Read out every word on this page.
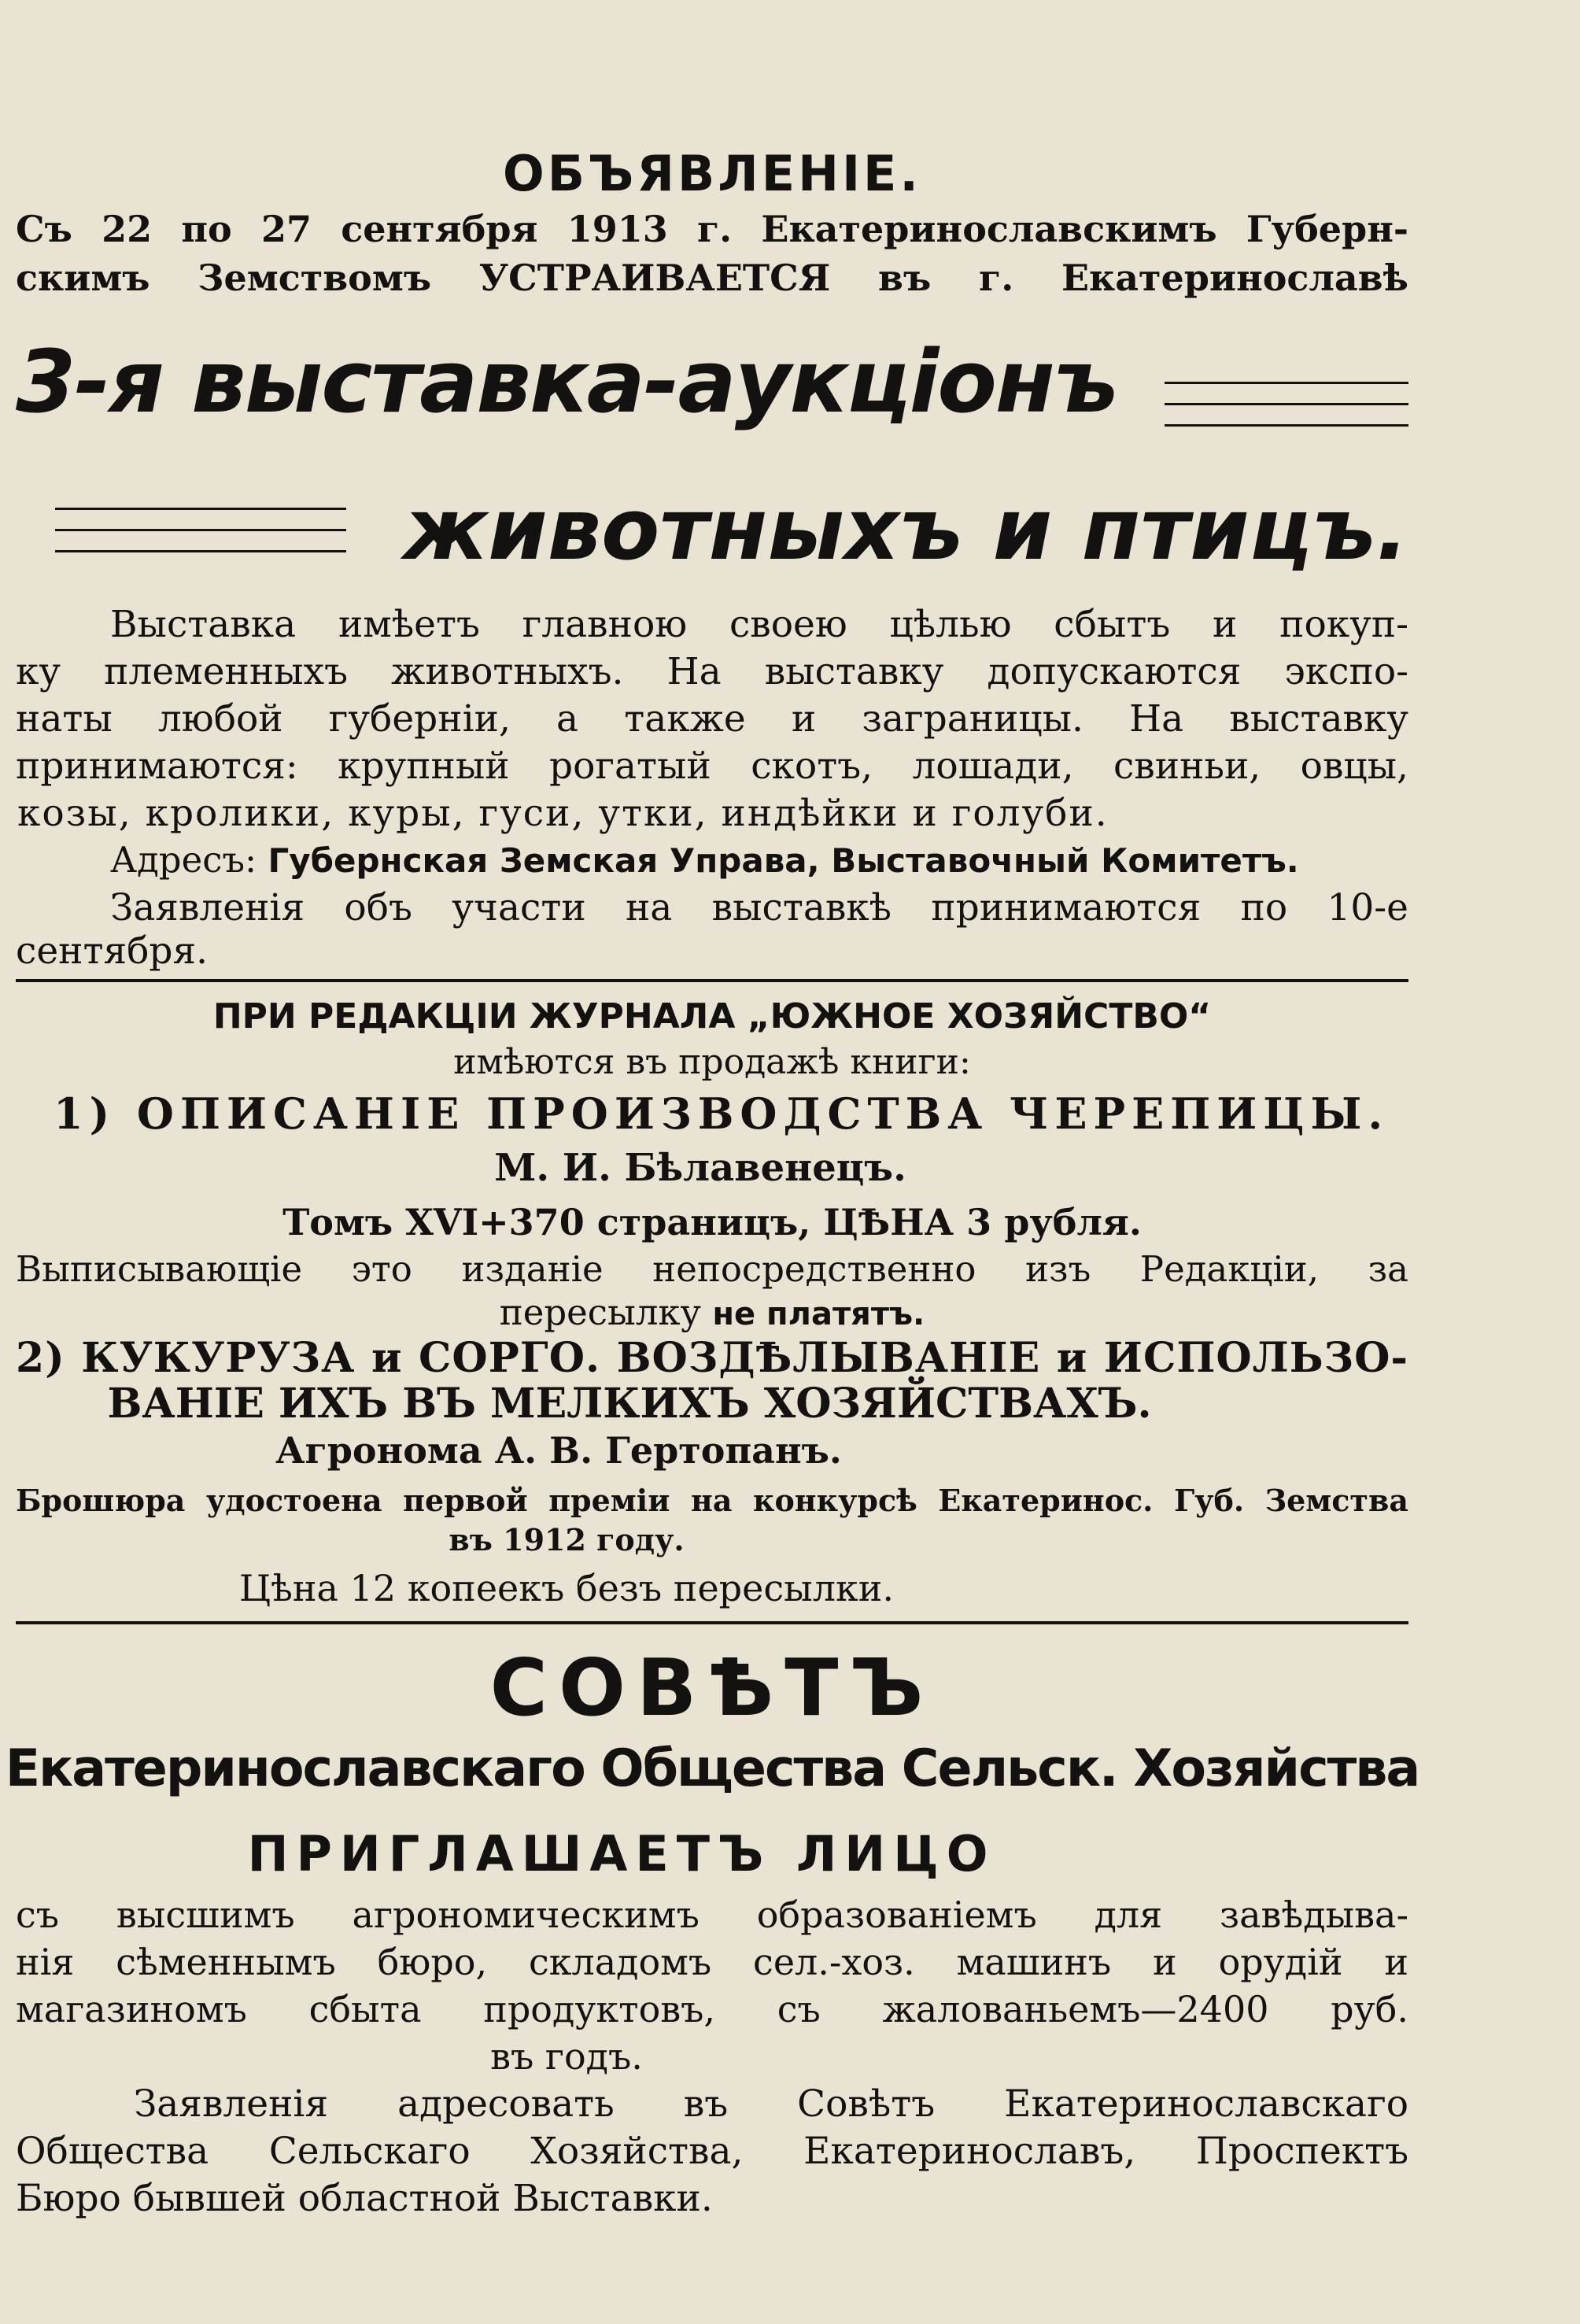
ОБЪЯВЛЕНІЕ.
Съ 22 по 27 сентября 1913 г. Екатеринославскимъ Губерн-
скимъ Земствомъ УСТРАИВАЕТСЯ въ г. Екатеринославѣ
3-я выставка-аукціонъ
животныхъ и птицъ.
Выставка имѣетъ главною своею цѣлью сбытъ и покуп-
ку племенныхъ животныхъ. На выставку допускаются экспо-
наты любой губерніи, а также и заграницы. На выставку
принимаются: крупный рогатый скотъ, лошади, свиньи, овцы,
козы, кролики, куры, гуси, утки, индѣйки и голуби.
Адресъ: Губернская Земская Управа, Выставочный Комитетъ.
Заявленія объ участи на выставкѣ принимаются по 10-е
сентября.
ПРИ РЕДАКЦІИ ЖУРНАЛА „ЮЖНОЕ ХОЗЯЙСТВО“
имѣются въ продажѣ книги:
1) ОПИСАНІЕ ПРОИЗВОДСТВА ЧЕРЕПИЦЫ.
М. И. Бѣлавенецъ.
Томъ XVI+370 страницъ, ЦѢНА 3 рубля.
Выписывающіе это изданіе непосредственно изъ Редакціи, за
пересылку не платятъ.
2) КУКУРУЗА и СОРГО. ВОЗДѢЛЫВАНІЕ и ИСПОЛЬЗО-
ВАНІЕ ИХЪ ВЪ МЕЛКИХЪ ХОЗЯЙСТВАХЪ.
Агронома А. В. Гертопанъ.
Брошюра удостоена первой преміи на конкурсѣ Екатеринос. Губ. Земства
въ 1912 году.
Цѣна 12 копеекъ безъ пересылки.
СОВѢТЪ
Екатеринославскаго Общества Сельск. Хозяйства
ПРИГЛАШАЕТЪ ЛИЦО
съ высшимъ агрономическимъ образованіемъ для завѣдыва-
нія сѣменнымъ бюро, складомъ сел.-хоз. машинъ и орудій и
магазиномъ сбыта продуктовъ, съ жалованьемъ—2400 руб.
въ годъ.
Заявленія адресовать въ Совѣтъ Екатеринославскаго
Общества Сельскаго Хозяйства, Екатеринославъ, Проспектъ
Бюро бывшей областной Выставки.
